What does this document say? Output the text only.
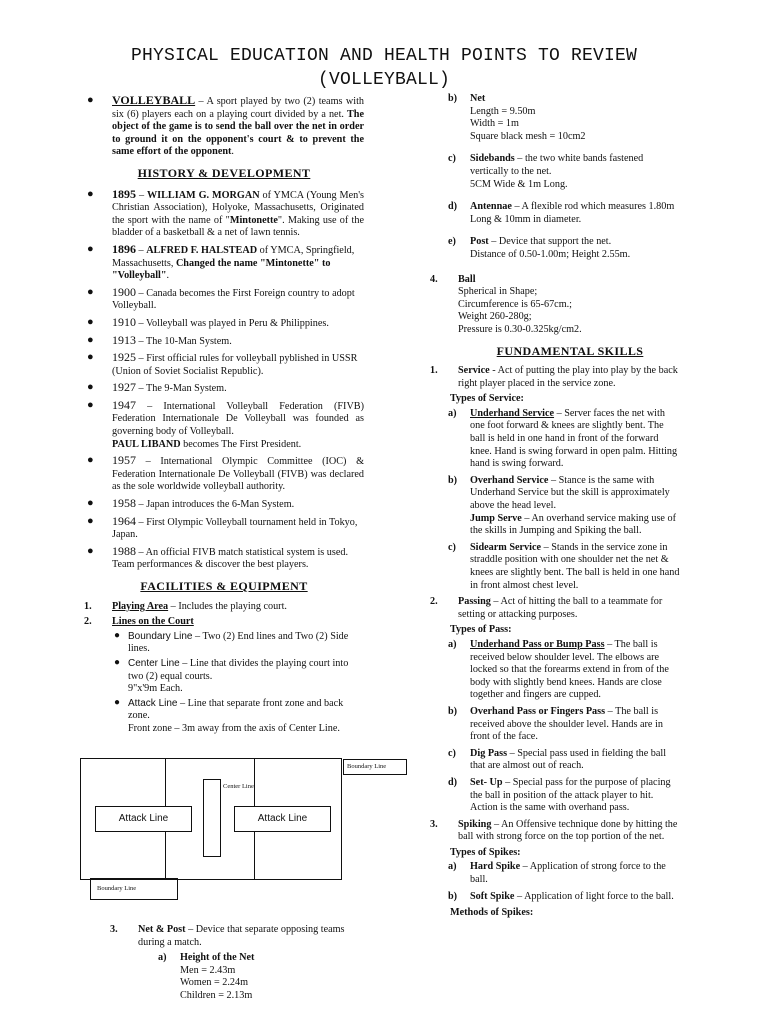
PHYSICAL EDUCATION AND HEALTH POINTS TO REVIEW
(VOLLEYBALL)
● VOLLEYBALL – A sport played by two (2) teams with six (6) players each on a playing court divided by a net. The object of the game is to send the ball over the net in order to ground it on the opponent's court & to prevent the same effort of the opponent.
HISTORY & DEVELOPMENT
● 1895 – WILLIAM G. MORGAN of YMCA (Young Men's Christian Association), Holyoke, Massachusetts, Originated the sport with the name of "Mintonette". Making use of the bladder of a basketball & a net of lawn tennis.
● 1896 – ALFRED F. HALSTEAD of YMCA, Springfield, Massachusetts, Changed the name "Mintonette" to "Volleyball".
● 1900 – Canada becomes the First Foreign country to adopt Volleyball.
● 1910 – Volleyball was played in Peru & Philippines.
● 1913 – The 10-Man System.
● 1925 – First official rules for volleyball pyblished in USSR (Union of Soviet Socialist Republic).
● 1927 – The 9-Man System.
● 1947 – International Volleyball Federation (FIVB) Federation Internationale De Volleyball was founded as governing body of Volleyball.
PAUL LIBAND becomes The First President.
● 1957 – International Olympic Committee (IOC) & Federation Internationale De Volleyball (FIVB) was declared as the sole worldwide volleyball authority.
● 1958 – Japan introduces the 6-Man System.
● 1964 – First Olympic Volleyball tournament held in Tokyo, Japan.
● 1988 – An official FIVB match statistical system is used. Team performances & discover the best players.
FACILITIES & EQUIPMENT
1. Playing Area – Includes the playing court.
2. Lines on the Court
● Boundary Line – Two (2) End lines and Two (2) Side lines.
● Center Line – Line that divides the playing court into two (2) equal courts.
9"x'9m Each.
● Attack Line – Line that separate front zone and back zone.
Front zone – 3m away from the axis of Center Line.
Attack Line	Attack Line
Center Line
Boundary Line
Boundary Line
3. Net & Post – Device that separate opposing teams during a match.
a) Height of the Net
Men = 2.43m
Women = 2.24m
Children = 2.13m
b) Net
Length = 9.50m
Width = 1m
Square black mesh = 10cm2
c) Sidebands – the two white bands fastened vertically to the net.
5CM Wide & 1m Long.
d) Antennae – A flexible rod which measures 1.80m Long & 10mm in diameter.
e) Post – Device that support the net.
Distance of 0.50-1.00m; Height 2.55m.
4. Ball
Spherical in Shape;
Circumference is 65-67cm.;
Weight 260-280g;
Pressure is 0.30-0.325kg/cm2.
FUNDAMENTAL SKILLS
1. Service - Act of putting the play into play by the back right player placed in the service zone.
Types of Service:
a) Underhand Service – Server faces the net with one foot forward & knees are slightly bent. The ball is held in one hand in front of the forward knee. Hand is swing forward in open palm. Hitting hand is swing forward.
b) Overhand Service – Stance is the same with Underhand Service but the skill is approximately above the head level.
Jump Serve – An overhand service making use of the skills in Jumping and Spiking the ball.
c) Sidearm Service – Stands in the service zone in straddle position with one shoulder net the net & knees are slightly bent. The ball is held in one hand in front almost chest level.
2. Passing – Act of hitting the ball to a teammate for setting or attacking purposes.
Types of Pass:
a) Underhand Pass or Bump Pass – The ball is received below shoulder level. The elbows are locked so that the forearms extend in from of the body with slightly bend knees. Hands are close together and fingers are cupped.
b) Overhand Pass or Fingers Pass – The ball is received above the shoulder level. Hands are in front of the face.
c) Dig Pass – Special pass used in fielding the ball that are almost out of reach.
d) Set- Up – Special pass for the purpose of placing the ball in position of the attack player to hit. Action is the same with overhand pass.
3. Spiking – An Offensive technique done by hitting the ball with strong force on the top portion of the net.
Types of Spikes:
a) Hard Spike – Application of strong force to the ball.
b) Soft Spike – Application of light force to the ball.
Methods of Spikes:
